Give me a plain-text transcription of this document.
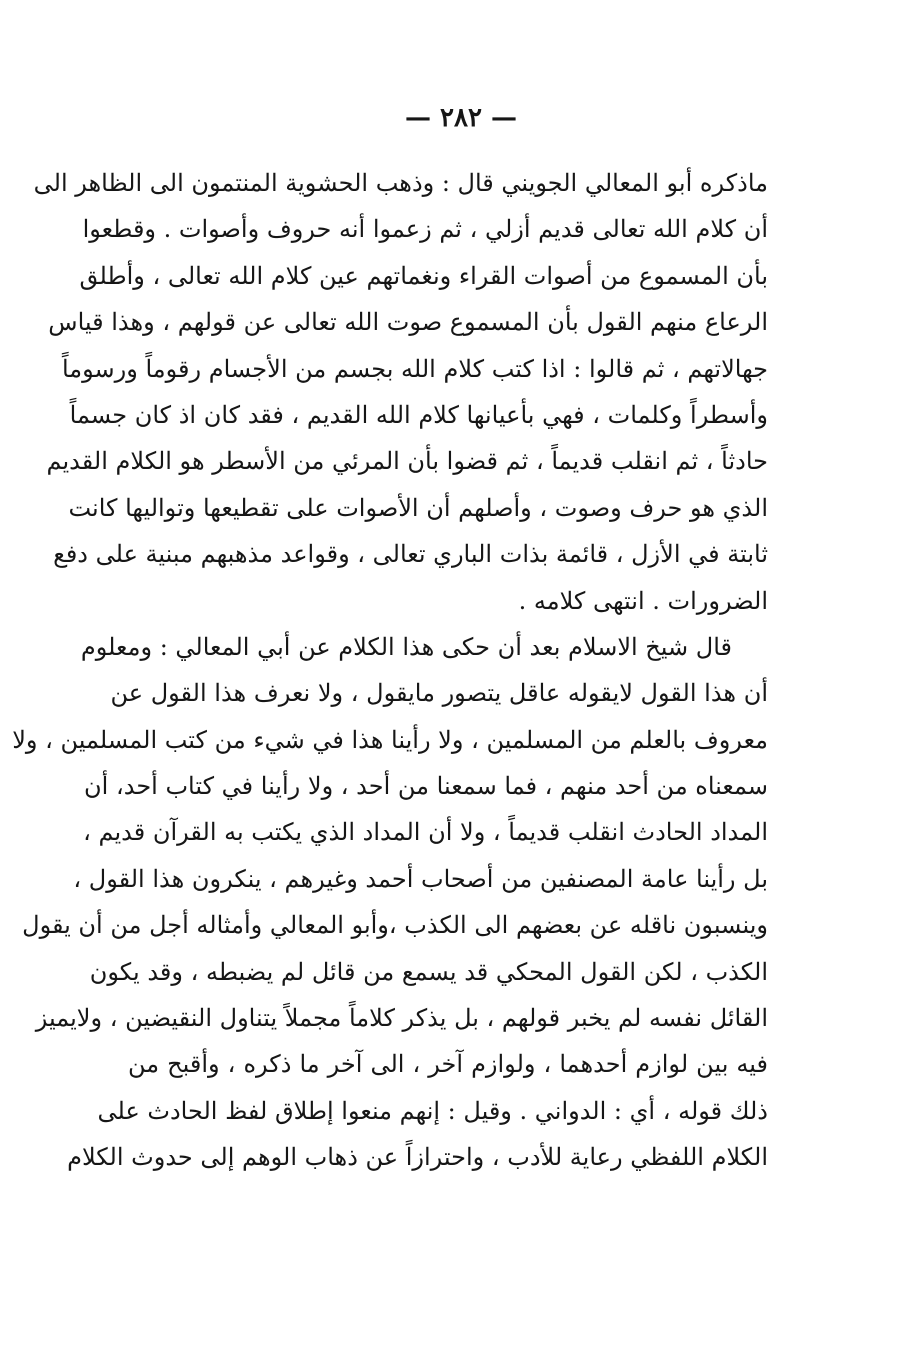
— ٢٨٢ —
ماذكره أبو المعالي الجويني قال : وذهب الحشوية المنتمون الى الظاهر الى
أن كلام الله تعالى قديم أزلي ، ثم زعموا أنه حروف وأصوات . وقطعوا
بأن المسموع من أصوات القراء ونغماتهم عين كلام الله تعالى ، وأطلق
الرعاع منهم القول بأن المسموع صوت الله تعالى عن قولهم ، وهذا قياس
جهالاتهم ، ثم قالوا : اذا كتب كلام الله بجسم من الأجسام رقوماً ورسوماً
وأسطراً وكلمات ، فهي بأعيانها كلام الله القديم ، فقد كان اذ كان جسماً
حادثاً ، ثم انقلب قديماً ، ثم قضوا بأن المرئي من الأسطر هو الكلام القديم
الذي هو حرف وصوت ، وأصلهم أن الأصوات على تقطيعها وتواليها كانت
ثابتة في الأزل ، قائمة بذات الباري تعالى ، وقواعد مذهبهم مبنية على دفع
الضرورات . انتهى كلامه .
قال شيخ الاسلام بعد أن حكى هذا الكلام عن أبي المعالي : ومعلوم
أن هذا القول لايقوله عاقل يتصور مايقول ، ولا نعرف هذا القول عن
معروف بالعلم من المسلمين ، ولا رأينا هذا في شيء من كتب المسلمين ، ولا
سمعناه من أحد منهم ، فما سمعنا من أحد ، ولا رأينا في كتاب أحد، أن
المداد الحادث انقلب قديماً ، ولا أن المداد الذي يكتب به القرآن قديم ،
بل رأينا عامة المصنفين من أصحاب أحمد وغيرهم ، ينكرون هذا القول ،
وينسبون ناقله عن بعضهم الى الكذب ،وأبو المعالي وأمثاله أجل من أن يقول
الكذب ، لكن القول المحكي قد يسمع من قائل لم يضبطه ، وقد يكون
القائل نفسه لم يخبر قولهم ، بل يذكر كلاماً مجملاً يتناول النقيضين ، ولايميز
فيه بين لوازم أحدهما ، ولوازم آخر ، الى آخر ما ذكره ، وأقبح من
ذلك قوله ، أي : الدواني . وقيل : إنهم منعوا إطلاق لفظ الحادث على
الكلام اللفظي رعاية للأدب ، واحترازاً عن ذهاب الوهم إلى حدوث الكلام
